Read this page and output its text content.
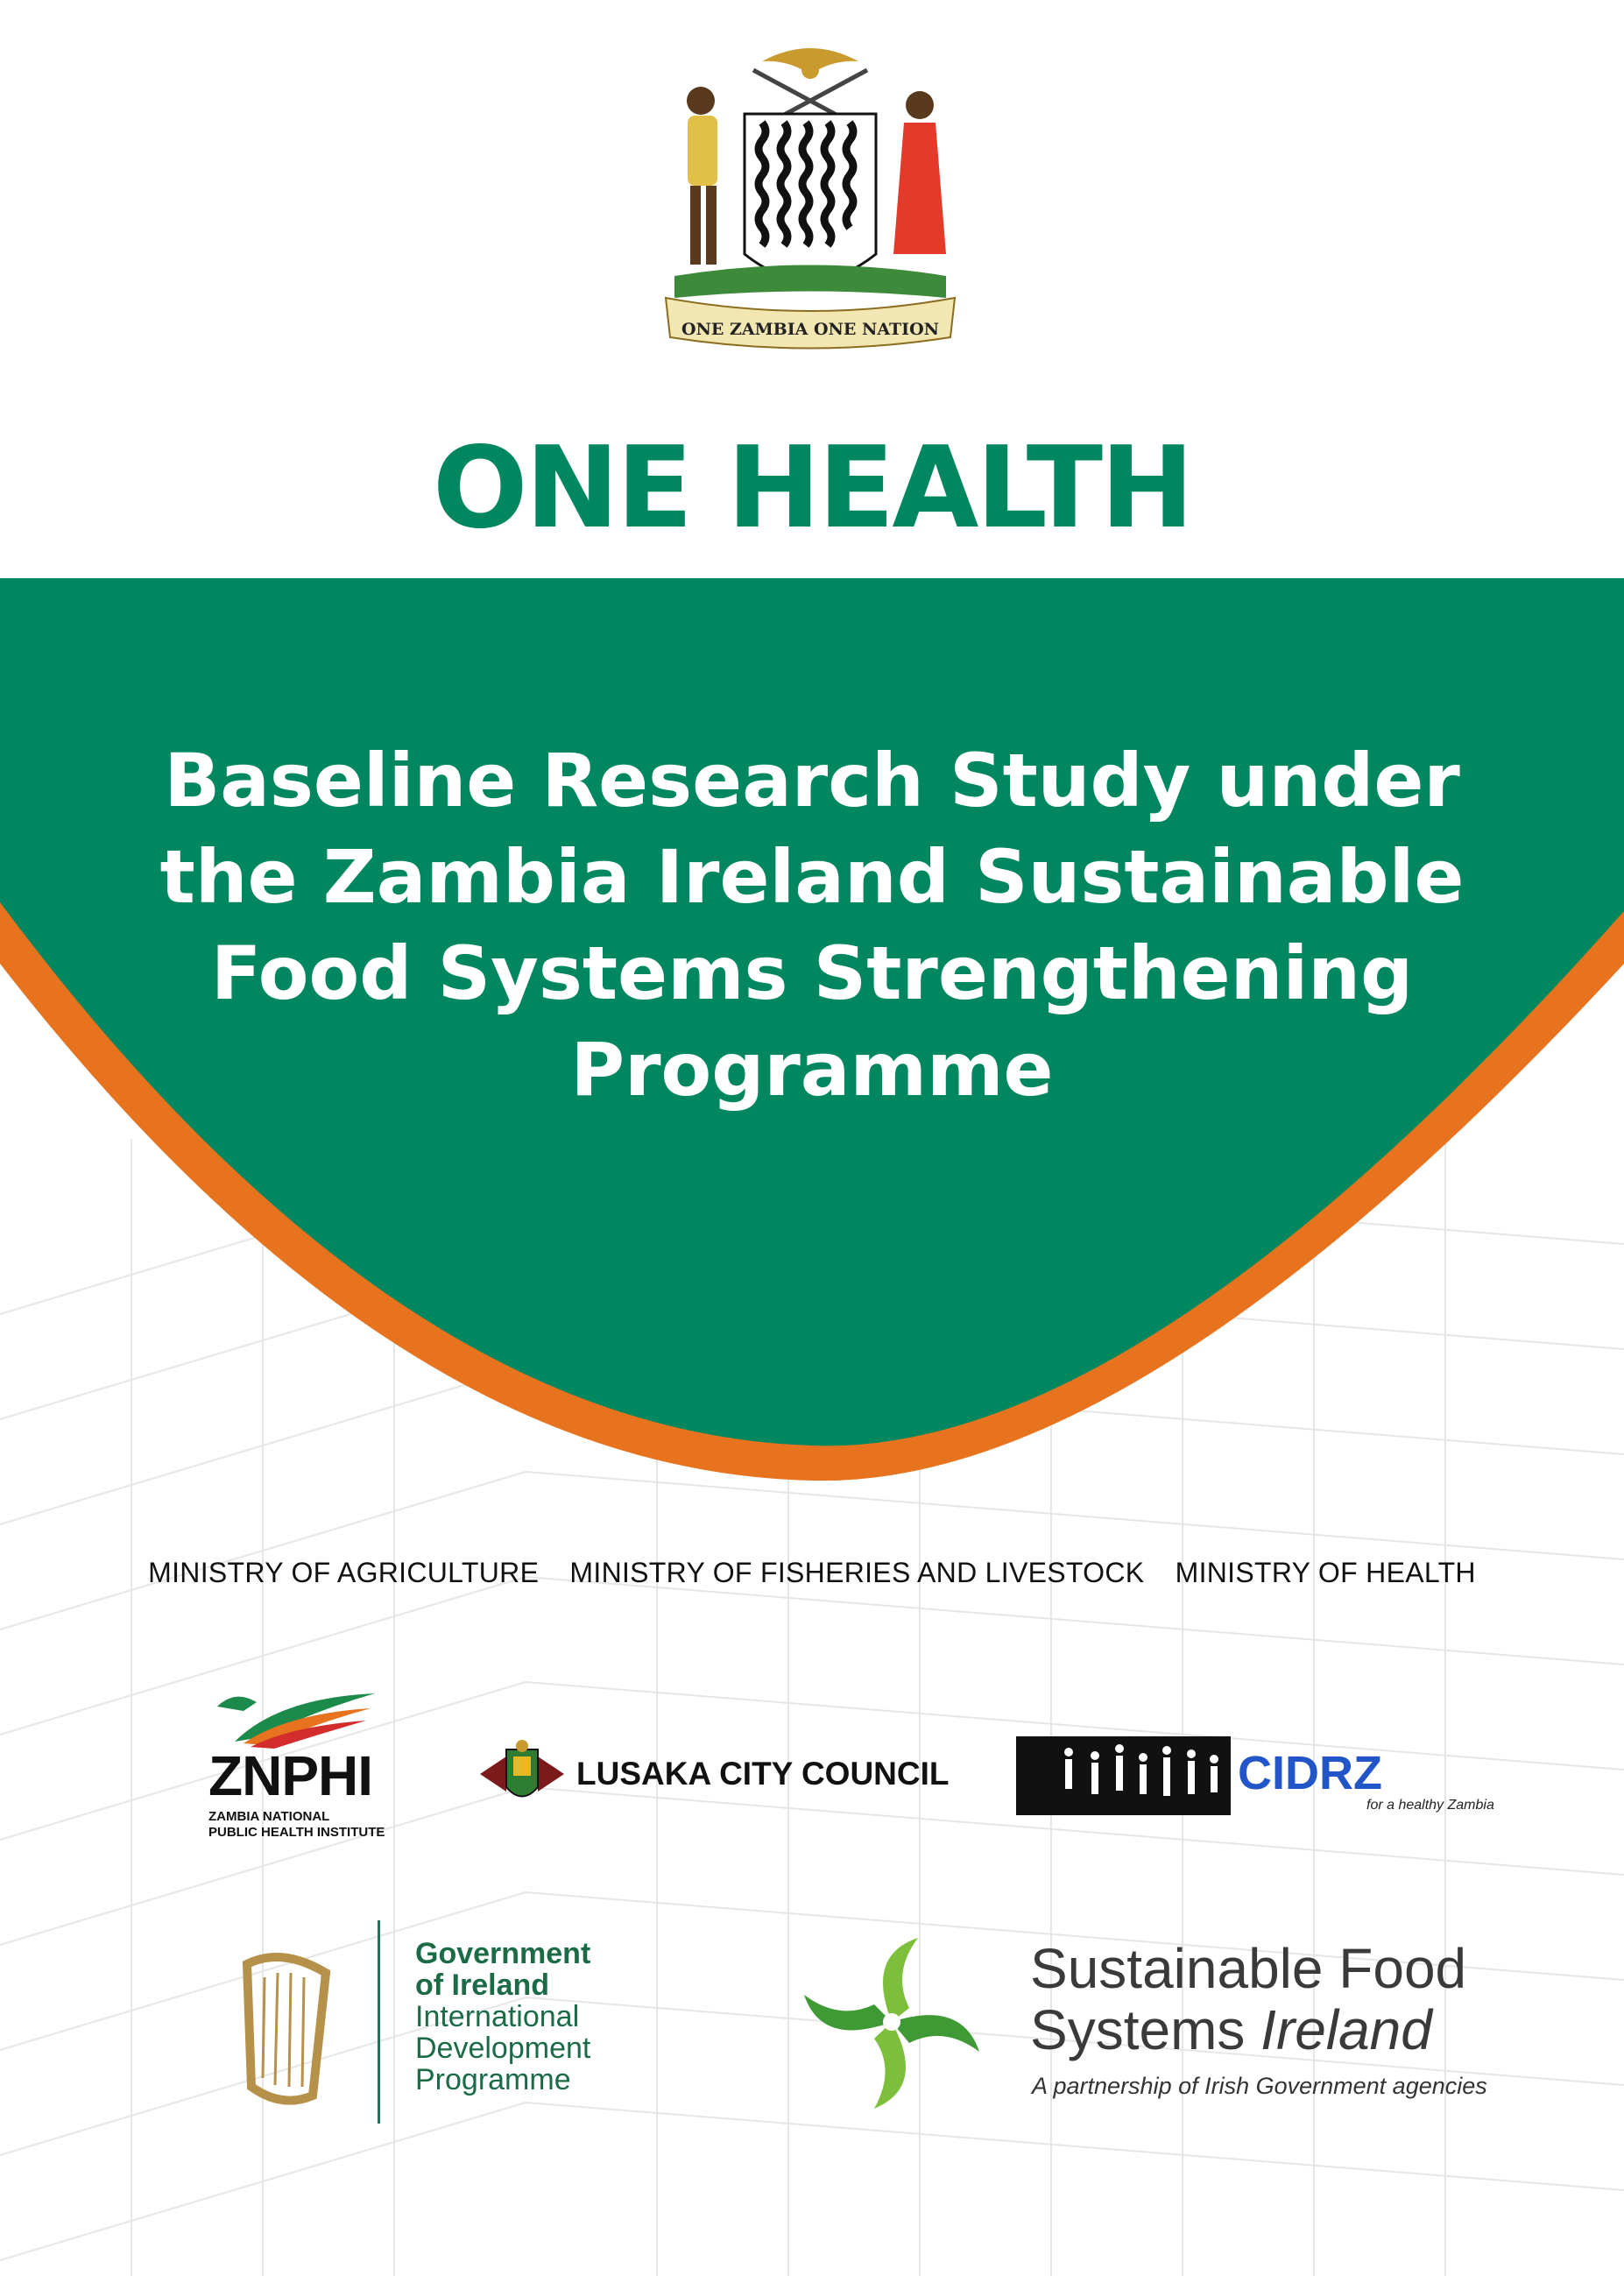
ONE ZAMBIA ONE NATION
ONE HEALTH
Baseline Research Study under
the Zambia Ireland Sustainable
Food Systems Strengthening
Programme
MINISTRY OF AGRICULTURE MINISTRY OF FISHERIES AND LIVESTOCK MINISTRY OF HEALTH
ZNPHI
ZAMBIA NATIONAL
PUBLIC HEALTH INSTITUTE
LUSAKA CITY COUNCIL	CIDRZ
for a healthy Zambia
Government
of Ireland
International
Development
Programme
Sustainable Food
Systems Ireland
A partnership of Irish Government agencies
